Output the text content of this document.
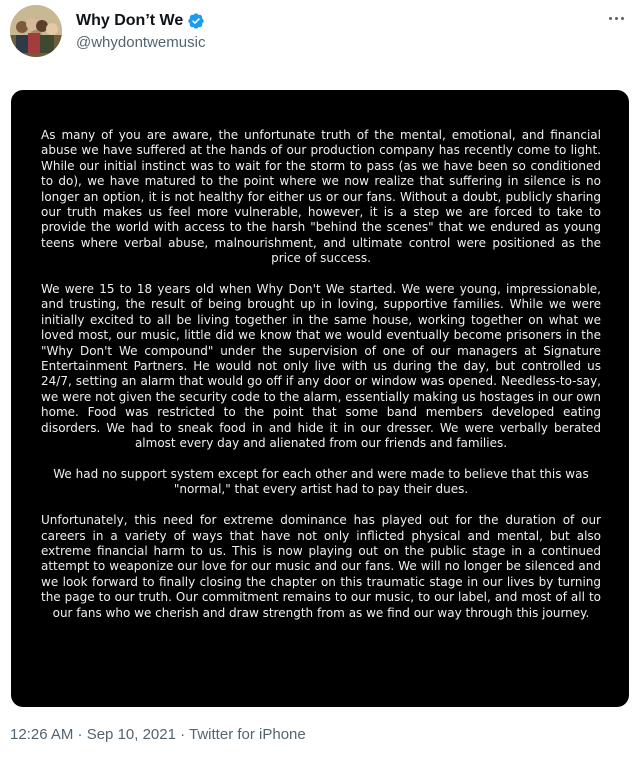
Why Don’t We
@whydontwemusic

As many of you are aware, the unfortunate truth of the mental, emotional, and financial abuse we have suffered at the hands of our production company has recently come to light. While our initial instinct was to wait for the storm to pass (as we have been so conditioned to do), we have matured to the point where we now realize that suffering in silence is no longer an option, it is not healthy for either us or our fans. Without a doubt, publicly sharing our truth makes us feel more vulnerable, however, it is a step we are forced to take to provide the world with access to the harsh "behind the scenes" that we endured as young teens where verbal abuse, malnourishment, and ultimate control were positioned as the price of success.

We were 15 to 18 years old when Why Don't We started. We were young, impressionable, and trusting, the result of being brought up in loving, supportive families. While we were initially excited to all be living together in the same house, working together on what we loved most, our music, little did we know that we would eventually become prisoners in the "Why Don't We compound" under the supervision of one of our managers at Signature Entertainment Partners. He would not only live with us during the day, but controlled us 24/7, setting an alarm that would go off if any door or window was opened. Needless-to-say, we were not given the security code to the alarm, essentially making us hostages in our own home. Food was restricted to the point that some band members developed eating disorders. We had to sneak food in and hide it in our dresser. We were verbally berated almost every day and alienated from our friends and families.

We had no support system except for each other and were made to believe that this was "normal," that every artist had to pay their dues.

Unfortunately, this need for extreme dominance has played out for the duration of our careers in a variety of ways that have not only inflicted physical and mental, but also extreme financial harm to us. This is now playing out on the public stage in a continued attempt to weaponize our love for our music and our fans. We will no longer be silenced and we look forward to finally closing the chapter on this traumatic stage in our lives by turning the page to our truth. Our commitment remains to our music, to our label, and most of all to our fans who we cherish and draw strength from as we find our way through this journey.

12:26 AM · Sep 10, 2021 · Twitter for iPhone
